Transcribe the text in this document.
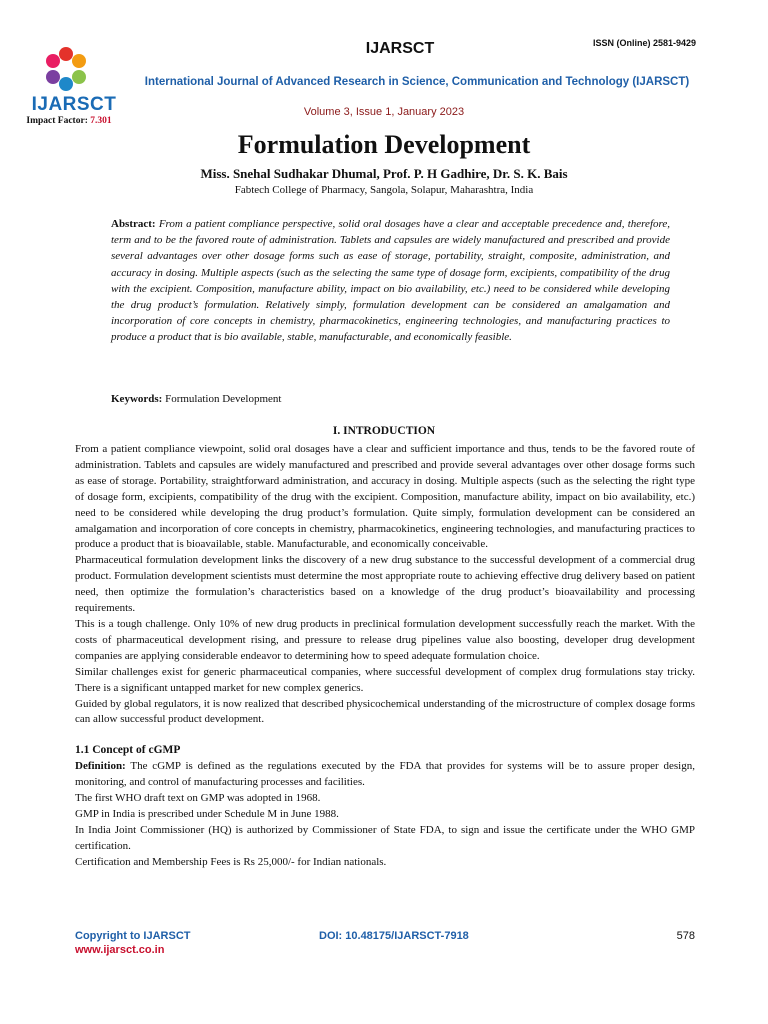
IJARSCT
Impact Factor: 7.301
IJARSCT	ISSN (Online) 2581-9429
International Journal of Advanced Research in Science, Communication and Technology (IJARSCT)
Volume 3, Issue 1, January 2023
Formulation Development
Miss. Snehal Sudhakar Dhumal, Prof. P. H Gadhire, Dr. S. K. Bais
Fabtech College of Pharmacy, Sangola, Solapur, Maharashtra, India
Abstract: From a patient compliance perspective, solid oral dosages have a clear and acceptable precedence and, therefore, term and to be the favored route of administration. Tablets and capsules are widely manufactured and prescribed and provide several advantages over other dosage forms such as ease of storage, portability, straight, composite, administration, and accuracy in dosing. Multiple aspects (such as the selecting the same type of dosage form, excipients, compatibility of the drug with the excipient. Composition, manufacture ability, impact on bio availability, etc.) need to be considered while developing the drug product’s formulation. Relatively simply, formulation development can be considered an amalgamation and incorporation of core concepts in chemistry, pharmacokinetics, engineering technologies, and manufacturing practices to produce a product that is bio available, stable, manufacturable, and economically feasible.
Keywords: Formulation Development
I. INTRODUCTION

From a patient compliance viewpoint, solid oral dosages have a clear and sufficient importance and thus, tends to be the favored route of administration. Tablets and capsules are widely manufactured and prescribed and provide several advantages over other dosage forms such as ease of storage. Portability, straightforward administration, and accuracy in dosing. Multiple aspects (such as the selecting the right type of dosage form, excipients, compatibility of the drug with the excipient. Composition, manufacture ability, impact on bio availability, etc.) need to be considered while developing the drug product’s formulation. Quite simply, formulation development can be considered an amalgamation and incorporation of core concepts in chemistry, pharmacokinetics, engineering technologies, and manufacturing practices to produce a product that is bioavailable, stable. Manufacturable, and economically conceivable.

Pharmaceutical formulation development links the discovery of a new drug substance to the successful development of a commercial drug product. Formulation development scientists must determine the most appropriate route to achieving effective drug delivery based on patient need, then optimize the formulation’s characteristics based on a knowledge of the drug product’s bioavailability and processing requirements.

This is a tough challenge. Only 10% of new drug products in preclinical formulation development successfully reach the market. With the costs of pharmaceutical development rising, and pressure to release drug pipelines value also boosting, developer drug development companies are applying considerable endeavor to determining how to speed adequate formulation choice.

Similar challenges exist for generic pharmaceutical companies, where successful development of complex drug formulations stay tricky. There is a significant untapped market for new complex generics.

Guided by global regulators, it is now realized that described physicochemical understanding of the microstructure of complex dosage forms can allow successful product development.

1.1 Concept of cGMP

Definition: The cGMP is defined as the regulations executed by the FDA that provides for systems will be to assure proper design, monitoring, and control of manufacturing processes and facilities.

The first WHO draft text on GMP was adopted in 1968.

GMP in India is prescribed under Schedule M in June 1988.

In India Joint Commissioner (HQ) is authorized by Commissioner of State FDA, to sign and issue the certificate under the WHO GMP certification.

Certification and Membership Fees is Rs 25,000/- for Indian nationals.

Copyright to IJARSCT
www.ijarsct.co.in
DOI: 10.48175/IJARSCT-7918	578
